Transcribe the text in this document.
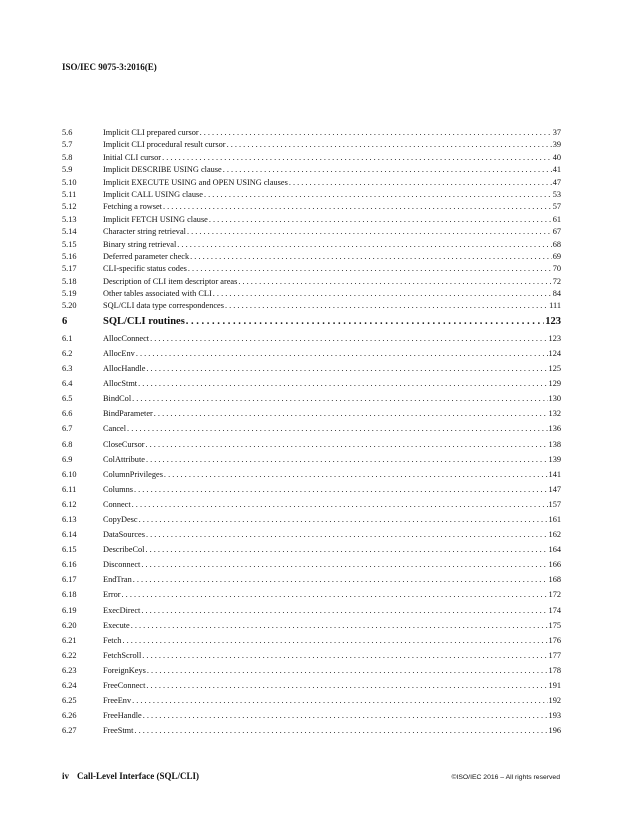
ISO/IEC 9075-3:2016(E)
5.6	Implicit CLI prepared cursor . . .	37
5.7	Implicit CLI procedural result cursor . . .	39
5.8	Initial CLI cursor . . .	40
5.9	Implicit DESCRIBE USING clause . . .	41
5.10	Implicit EXECUTE USING and OPEN USING clauses . . .	47
5.11	Implicit CALL USING clause . . .	53
5.12	Fetching a rowset . . .	57
5.13	Implicit FETCH USING clause . . .	61
5.14	Character string retrieval . . .	67
5.15	Binary string retrieval . . .	68
5.16	Deferred parameter check . . .	69
5.17	CLI-specific status codes . . .	70
5.18	Description of CLI item descriptor areas . . .	72
5.19	Other tables associated with CLI . . .	84
5.20	SQL/CLI data type correspondences . . .	111
6	SQL/CLI routines . . .	123
6.1	AllocConnect . . .	123
6.2	AllocEnv . . .	124
6.3	AllocHandle . . .	125
6.4	AllocStmt . . .	129
6.5	BindCol . . .	130
6.6	BindParameter . . .	132
6.7	Cancel . . .	136
6.8	CloseCursor . . .	138
6.9	ColAttribute . . .	139
6.10	ColumnPrivileges . . .	141
6.11	Columns . . .	147
6.12	Connect . . .	157
6.13	CopyDesc . . .	161
6.14	DataSources . . .	162
6.15	DescribeCol . . .	164
6.16	Disconnect . . .	166
6.17	EndTran . . .	168
6.18	Error . . .	172
6.19	ExecDirect . . .	174
6.20	Execute . . .	175
6.21	Fetch . . .	176
6.22	FetchScroll . . .	177
6.23	ForeignKeys . . .	178
6.24	FreeConnect . . .	191
6.25	FreeEnv . . .	192
6.26	FreeHandle . . .	193
6.27	FreeStmt . . .	196
iv Call-Level Interface (SQL/CLI)	©ISO/IEC 2016 – All rights reserved
